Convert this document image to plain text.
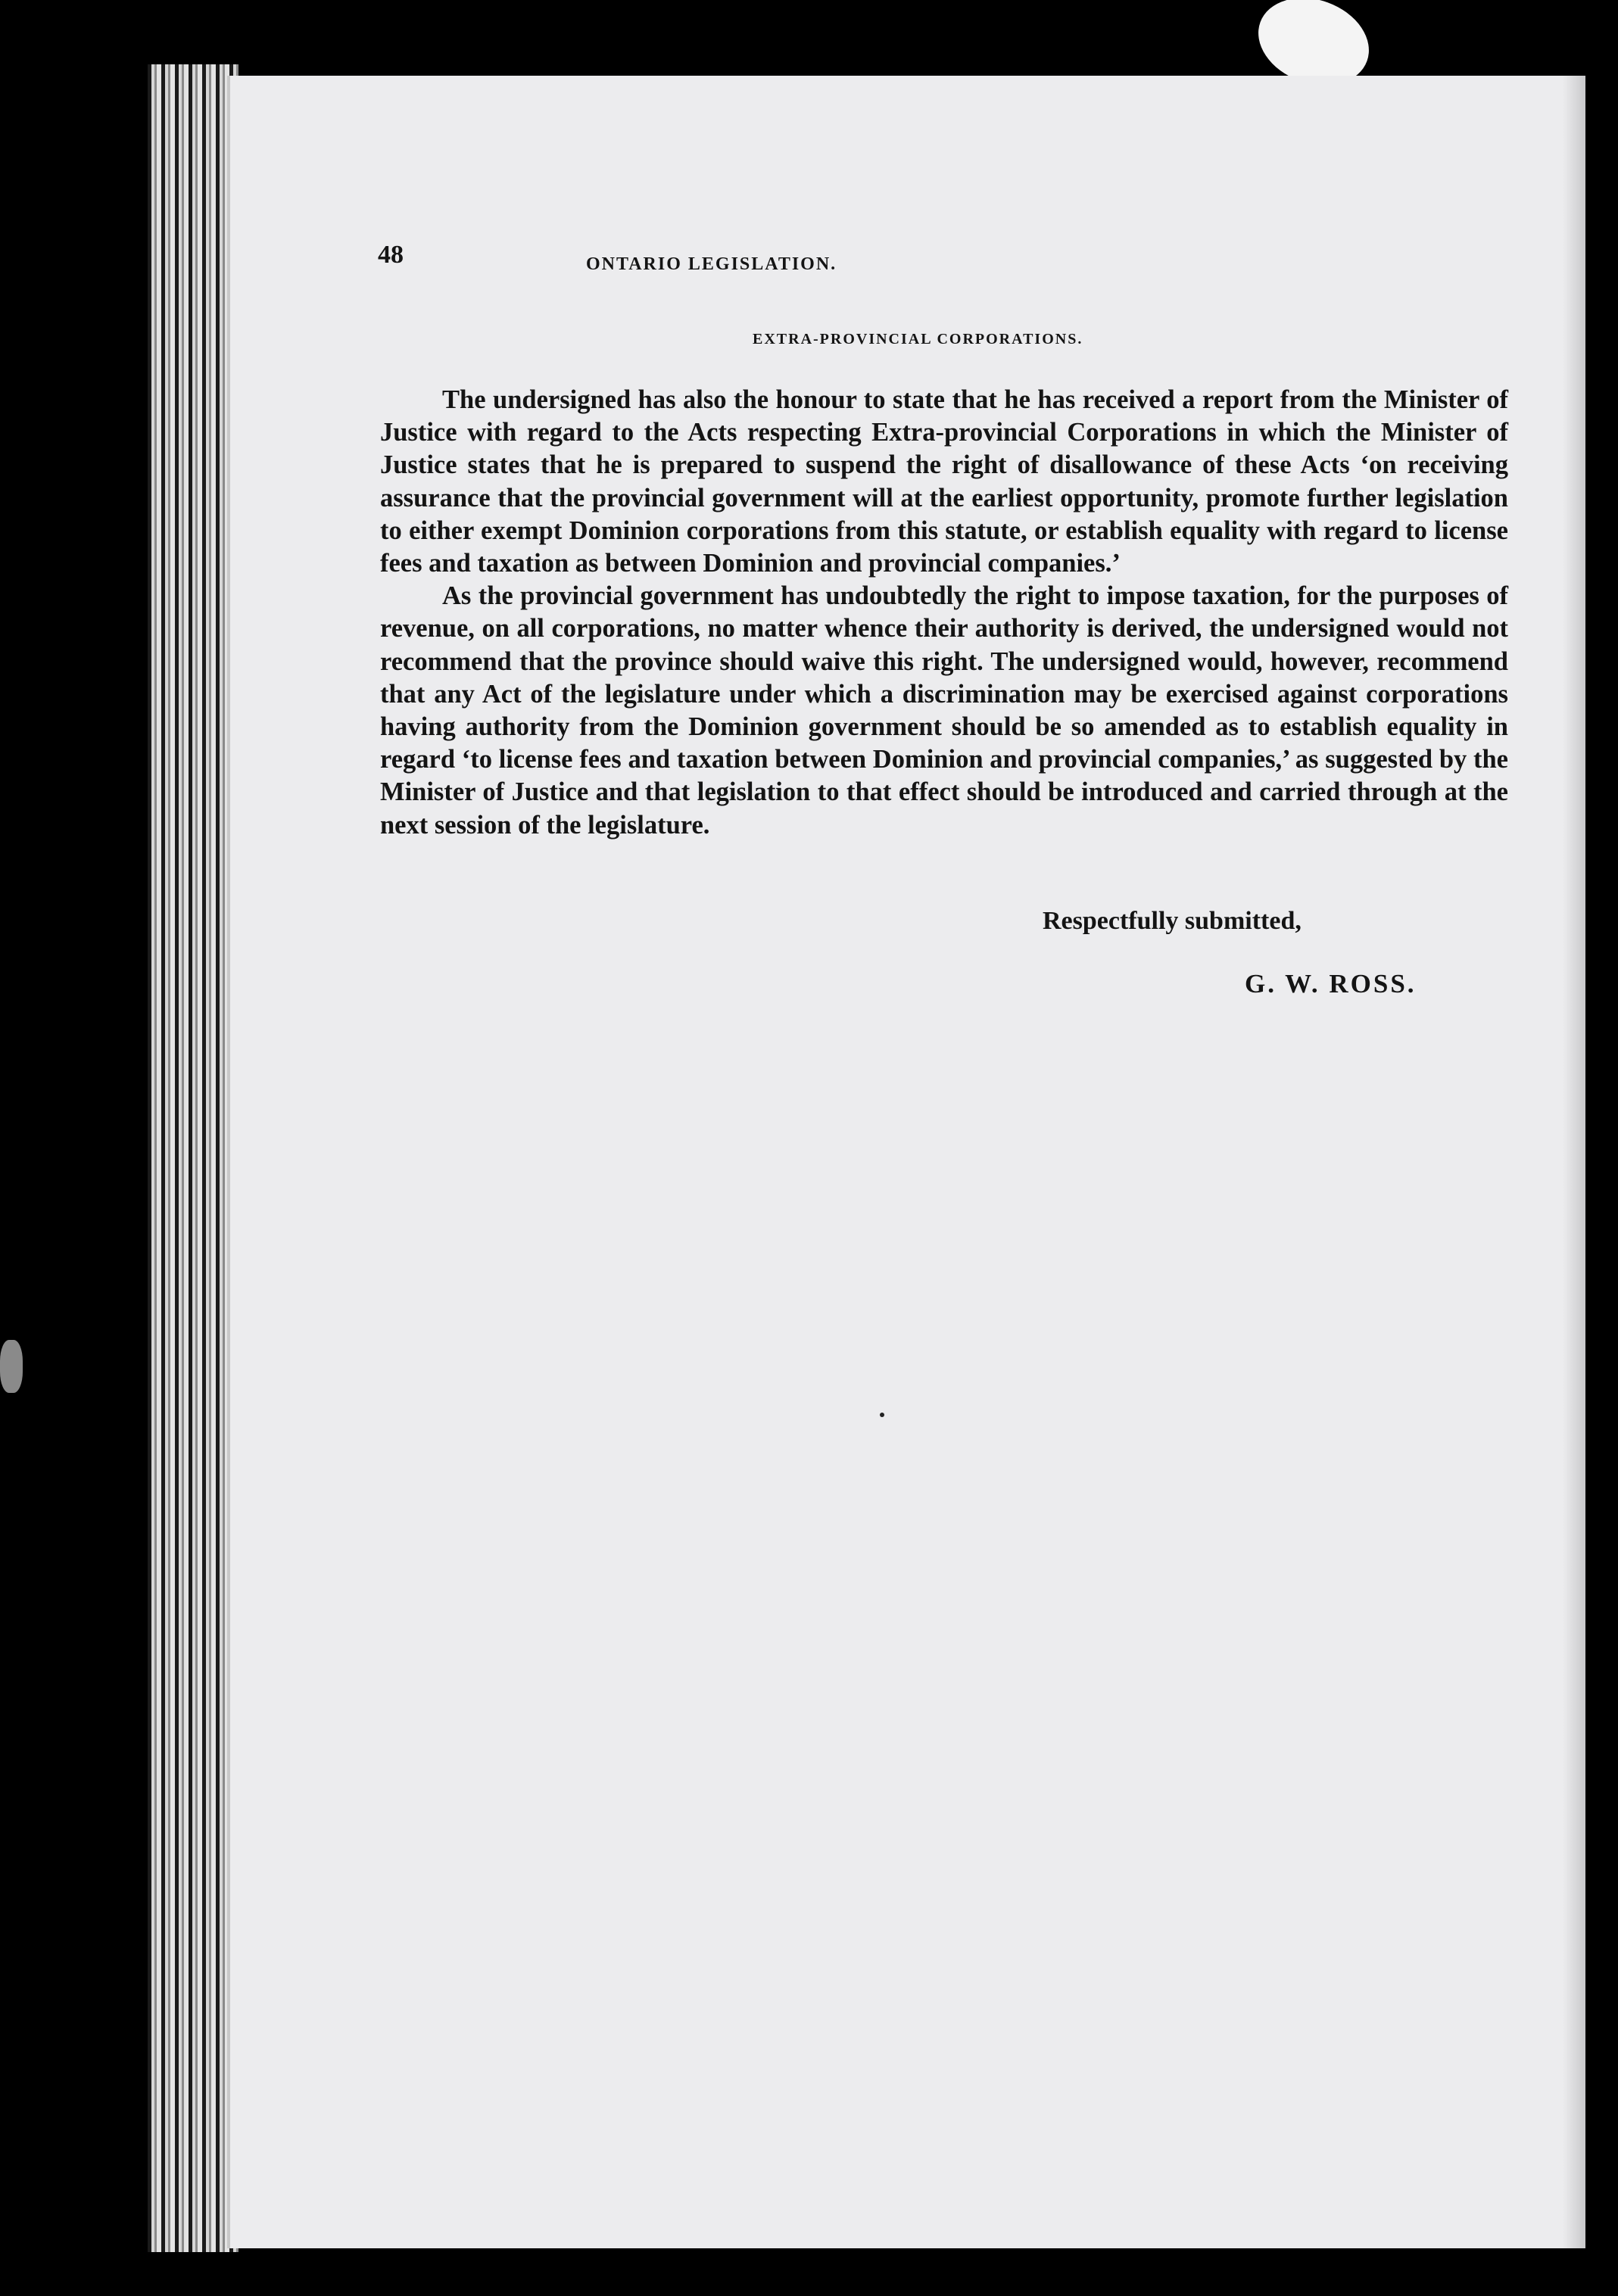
48	ONTARIO LEGISLATION.
EXTRA-PROVINCIAL CORPORATIONS.

The undersigned has also the honour to state that he has received a report from the Minister of Justice with regard to the Acts respecting Extra-provincial Corporations in which the Minister of Justice states that he is prepared to suspend the right of disallowance of these Acts ‘on receiving assurance that the provincial government will at the earliest opportunity, promote further legislation to either exempt Dominion corporations from this statute, or establish equality with regard to license fees and taxation as between Dominion and provincial companies.’

As the provincial government has undoubtedly the right to impose taxation, for the purposes of revenue, on all corporations, no matter whence their authority is derived, the undersigned would not recommend that the province should waive this right. The undersigned would, however, recommend that any Act of the legislature under which a discrimination may be exercised against corporations having authority from the Dominion government should be so amended as to establish equality in regard ‘to license fees and taxation between Dominion and provincial companies,’ as suggested by the Minister of Justice and that legislation to that effect should be introduced and carried through at the next session of the legislature.

Respectfully submitted,
G. W. ROSS.
